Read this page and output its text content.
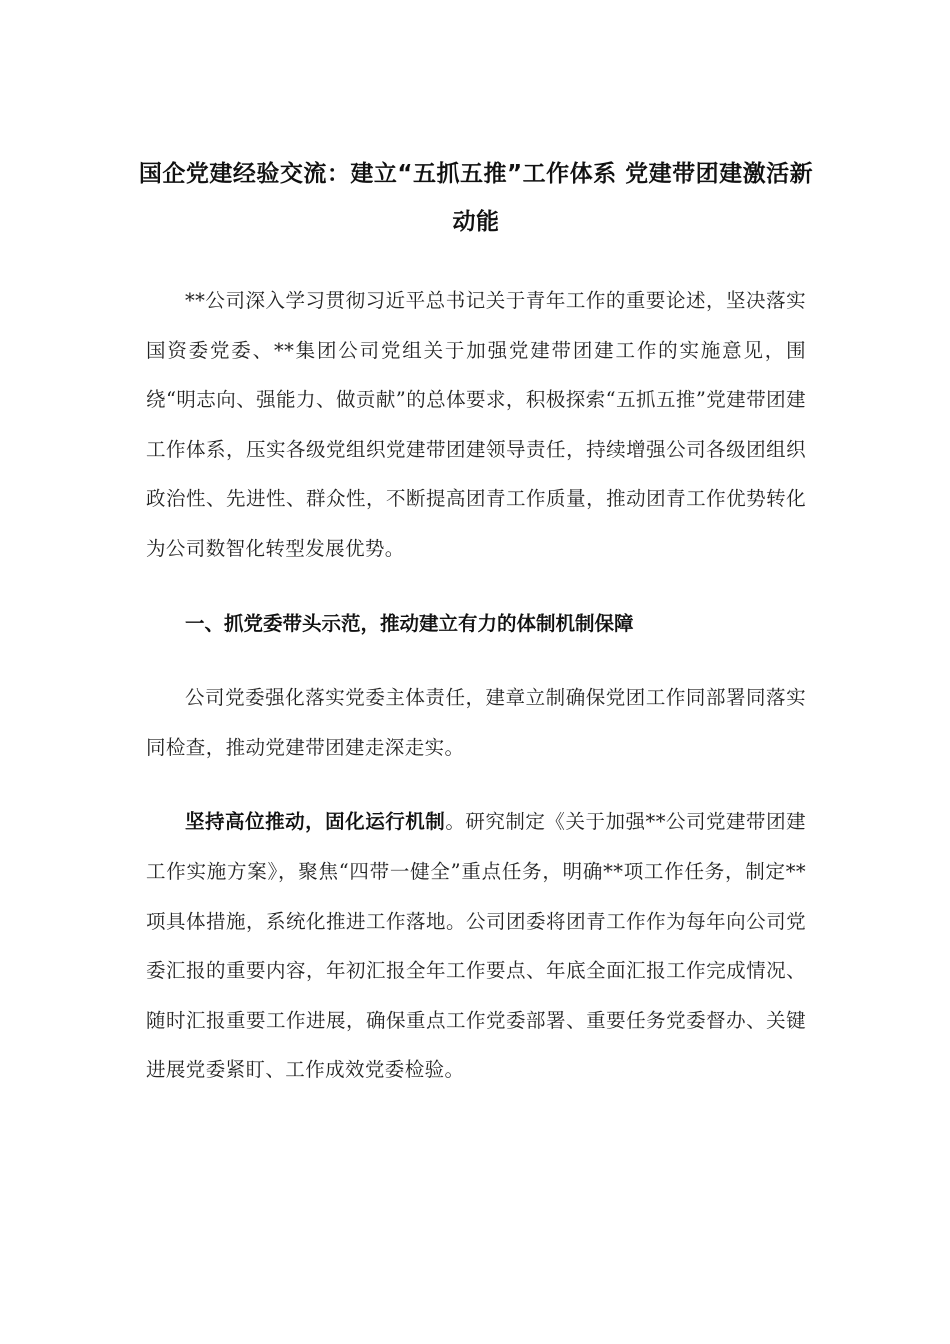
国企党建经验交流：建立“五抓五推”工作体系 党建带团建激活新动能

**公司深入学习贯彻习近平总书记关于青年工作的重要论述，坚决落实国资委党委、**集团公司党组关于加强党建带团建工作的实施意见，围绕“明志向、强能力、做贡献”的总体要求，积极探索“五抓五推”党建带团建工作体系，压实各级党组织党建带团建领导责任，持续增强公司各级团组织政治性、先进性、群众性，不断提高团青工作质量，推动团青工作优势转化为公司数智化转型发展优势。

一、抓党委带头示范，推动建立有力的体制机制保障

公司党委强化落实党委主体责任，建章立制确保党团工作同部署同落实同检查，推动党建带团建走深走实。

坚持高位推动，固化运行机制。研究制定《关于加强**公司党建带团建工作实施方案》，聚焦“四带一健全”重点任务，明确**项工作任务，制定**项具体措施，系统化推进工作落地。公司团委将团青工作作为每年向公司党委汇报的重要内容，年初汇报全年工作要点、年底全面汇报工作完成情况、随时汇报重要工作进展，确保重点工作党委部署、重要任务党委督办、关键进展党委紧盯、工作成效党委检验。
